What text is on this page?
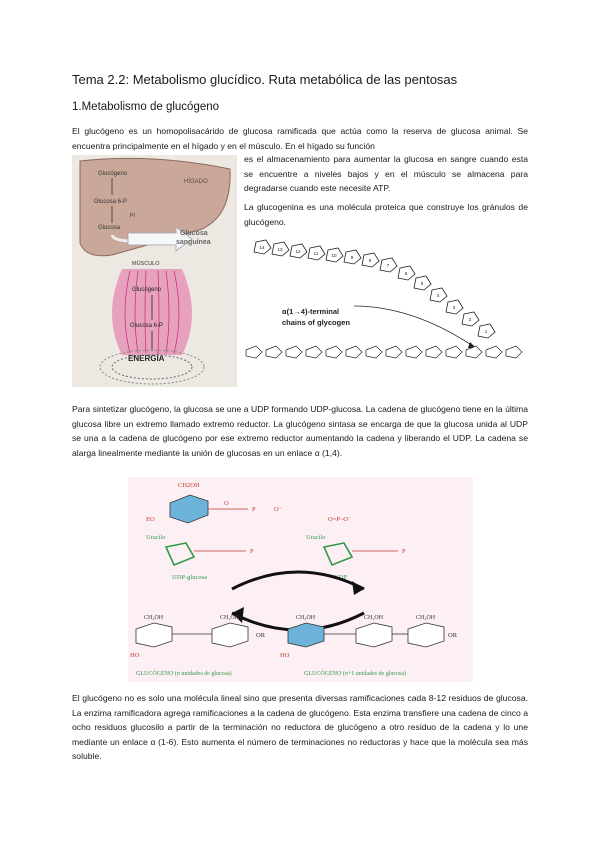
Tema 2.2: Metabolismo glucídico. Ruta metabólica de las pentosas
1.Metabolismo de glucógeno

El glucógeno es un homopolisacárido de glucosa ramificada que actúa como la reserva de glucosa animal. Se encuentra principalmente en el hígado y en el músculo. En el hígado su función

es el almacenamiento para aumentar la glucosa en sangre cuando esta se encuentre a niveles bajos y en el músculo se almacena para degradarse cuando este necesite ATP.

La glucogenina es una molécula proteica que construye los gránulos de glucógeno.

HÍGADO
Glucógeno
Glucosa 6-P
Pi
Glucosa
Glucosa
sanguínea
MÚSCULO
Glucógeno
Glucosa 6-P
ENERGÍA
14	13	12	11	10	9
8
7
6
5
4
3
2
1
α(1→4)-terminal
chains of glycogen

Para sintetizar glucógeno, la glucosa se une a UDP formando UDP-glucosa. La cadena de glucógeno tiene en la última glucosa libre un extremo llamado extremo reductor. La glucógeno sintasa se encarga de que la glucosa unida al UDP se una a la cadena de glucógeno por ese extremo reductor aumentando la cadena y liberando el UDP. La cadena se alarga linealmente mediante la unión de glucosas en un enlace α (1,4).

CH2OH
EO
O
P	O⁻
Uracilo
P
UDP-glucosa
O=P–O⁻
Uracilo
P
UDP
CH₂OH	CH₂OH	CH₂OH	CH₂OH	CH₂OH
HO
OR
HO
OR
GLUCÓGENO (n unidades de glucosa)	GLUCÓGENO (n+1 unidades de glucosa)

El glucógeno no es solo una molécula lineal sino que presenta diversas ramificaciones cada 8-12 residuos de glucosa. La enzima ramificadora agrega ramificaciones a la cadena de glucógeno. Esta enzima transfiere una cadena de cinco a ocho residuos glucosilo a partir de la terminación no reductora de glucógeno a otro residuo de la cadena y lo une mediante un enlace α (1-6). Esto aumenta el número de terminaciones no reductoras y hace que la molécula sea más soluble.
